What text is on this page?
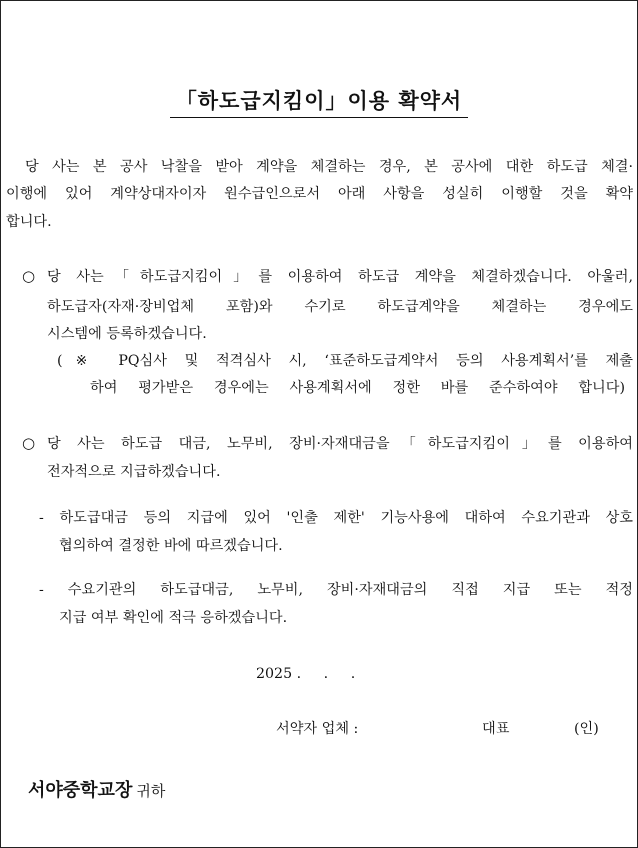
「하도급지킴이」이용 확약서
당 사는 본 공사 낙찰을 받아 계약을 체결하는 경우, 본 공사에 대한 하도급 체결·
이행에 있어 계약상대자이자 원수급인으로서 아래 사항을 성실히 이행할 것을 확약
합니다.
○ 당 사는「하도급지킴이」를 이용하여 하도급 계약을 체결하겠습니다. 아울러,
하도급자(자재·장비업체 포함)와 수기로 하도급계약을 체결하는 경우에도
시스템에 등록하겠습니다.
(※ PQ심사 및 적격심사 시, ‘표준하도급계약서 등의 사용계획서’를 제출
하여 평가받은 경우에는 사용계획서에 정한 바를 준수하여야 합니다)
○ 당 사는 하도급 대금, 노무비, 장비·자재대금을「하도급지킴이」를 이용하여
전자적으로 지급하겠습니다.
- 하도급대금 등의 지급에 있어 '인출 제한' 기능사용에 대하여 수요기관과 상호
협의하여 결정한 바에 따르겠습니다.
- 수요기관의 하도급대금, 노무비, 장비·자재대금의 직접 지급 또는 적정
지급 여부 확인에 적극 응하겠습니다.
2025 .     .     .
서약자 업체 :	대표	(인)
서야중학교장 귀하
